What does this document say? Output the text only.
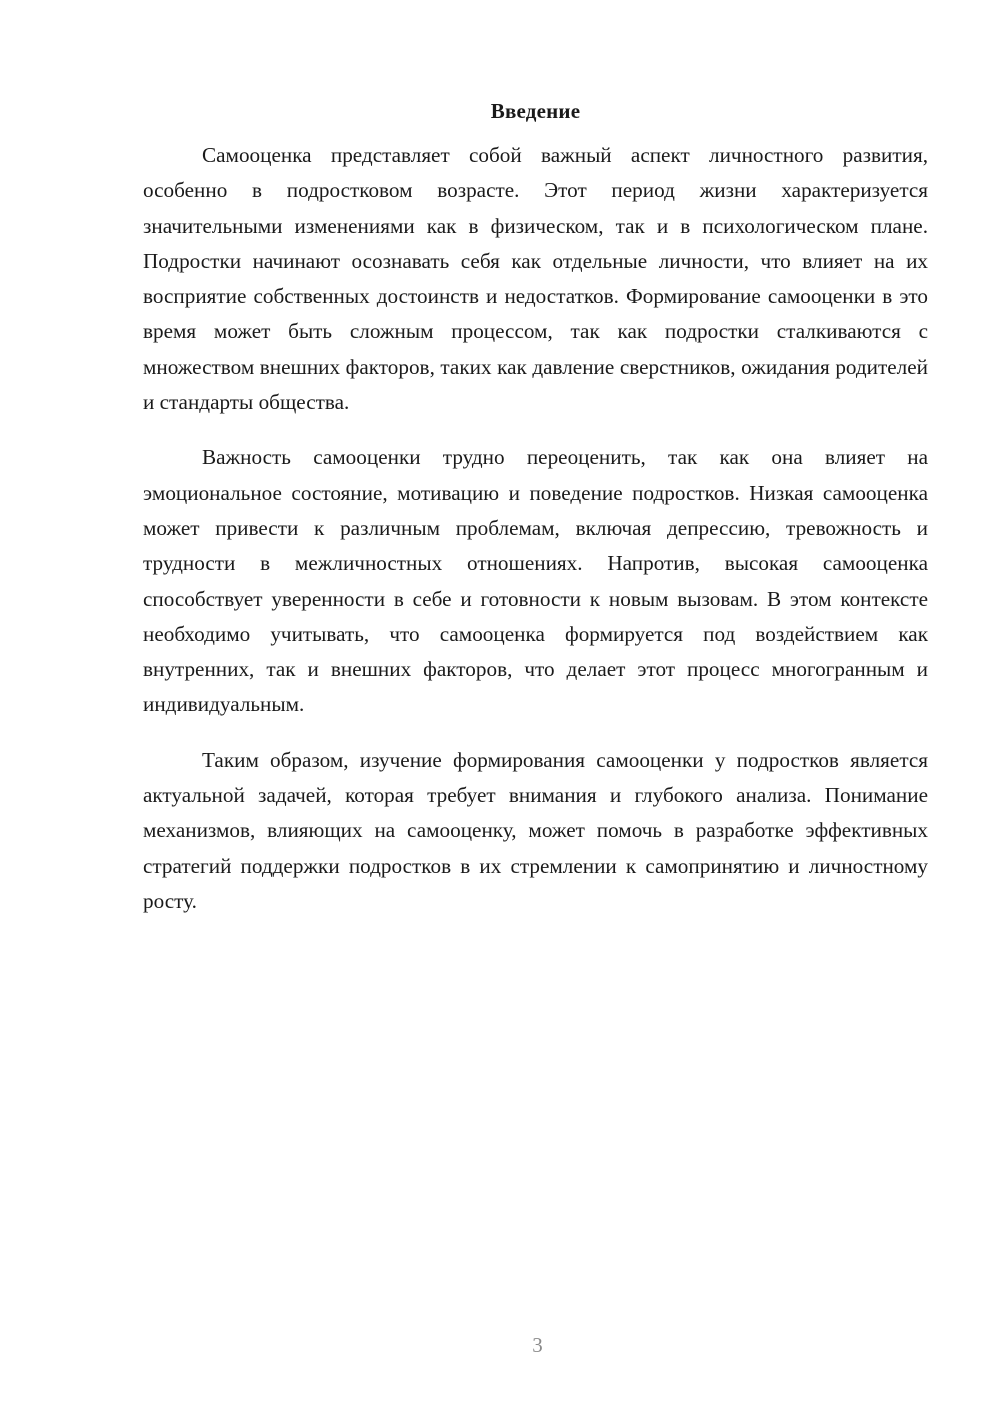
Введение

Самооценка представляет собой важный аспект личностного развития, особенно в подростковом возрасте. Этот период жизни характеризуется значительными изменениями как в физическом, так и в психологическом плане. Подростки начинают осознавать себя как отдельные личности, что влияет на их восприятие собственных достоинств и недостатков. Формирование самооценки в это время может быть сложным процессом, так как подростки сталкиваются с множеством внешних факторов, таких как давление сверстников, ожидания родителей и стандарты общества.

Важность самооценки трудно переоценить, так как она влияет на эмоциональное состояние, мотивацию и поведение подростков. Низкая самооценка может привести к различным проблемам, включая депрессию, тревожность и трудности в межличностных отношениях. Напротив, высокая самооценка способствует уверенности в себе и готовности к новым вызовам. В этом контексте необходимо учитывать, что самооценка формируется под воздействием как внутренних, так и внешних факторов, что делает этот процесс многогранным и индивидуальным.

Таким образом, изучение формирования самооценки у подростков является актуальной задачей, которая требует внимания и глубокого анализа. Понимание механизмов, влияющих на самооценку, может помочь в разработке эффективных стратегий поддержки подростков в их стремлении к самопринятию и личностному росту.

3
